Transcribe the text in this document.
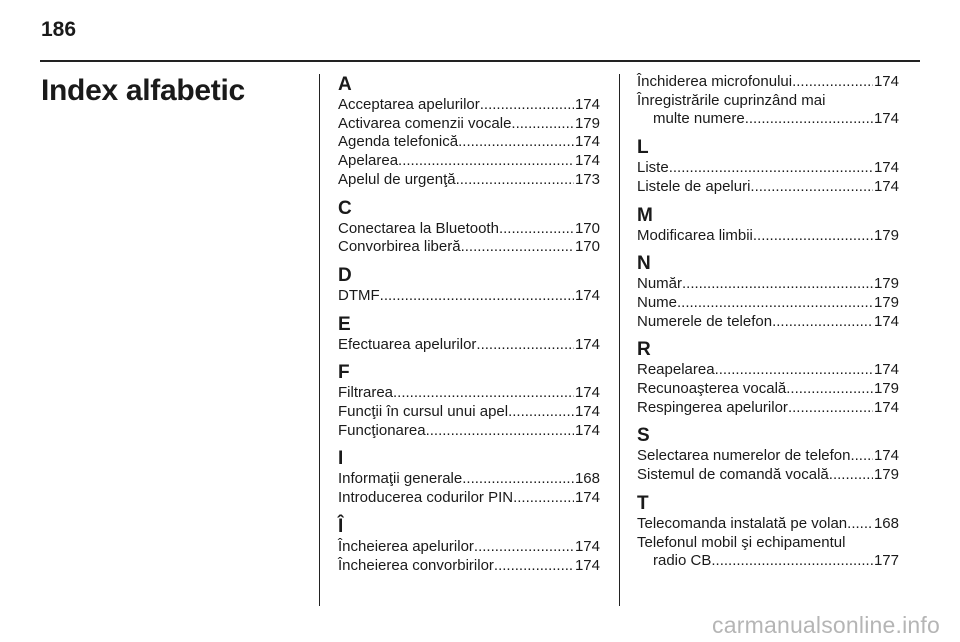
186
Index alfabetic	A
Acceptarea apelurilor .....	174
Activarea comenzii vocale .....	179
Agenda telefonică .....	174
Apelarea .....	174
Apelul de urgenţă .....	173
C
Conectarea la Bluetooth .....	170
Convorbirea liberă .....	170
D
DTMF .....	174
E
Efectuarea apelurilor .....	174
F
Filtrarea .....	174
Funcţii în cursul unui apel .....	174
Funcţionarea .....	174
I
Informaţii generale .....	168
Introducerea codurilor PIN .....	174
Î
Încheierea apelurilor .....	174
Încheierea convorbirilor .....	174
Închiderea microfonului .....	174
Înregistrările cuprinzând mai
multe numere .....	174
L
Liste .....	174
Listele de apeluri .....	174
M
Modificarea limbii .....	179
N
Număr .....	179
Nume .....	179
Numerele de telefon .....	174
R
Reapelarea .....	174
Recunoaşterea vocală .....	179
Respingerea apelurilor .....	174
S
Selectarea numerelor de telefon ..... 174
Sistemul de comandă vocală .....	179
T
Telecomanda instalată pe volan. ..... 168
Telefonul mobil şi echipamentul
radio CB .....	177
carmanualsonline.info
